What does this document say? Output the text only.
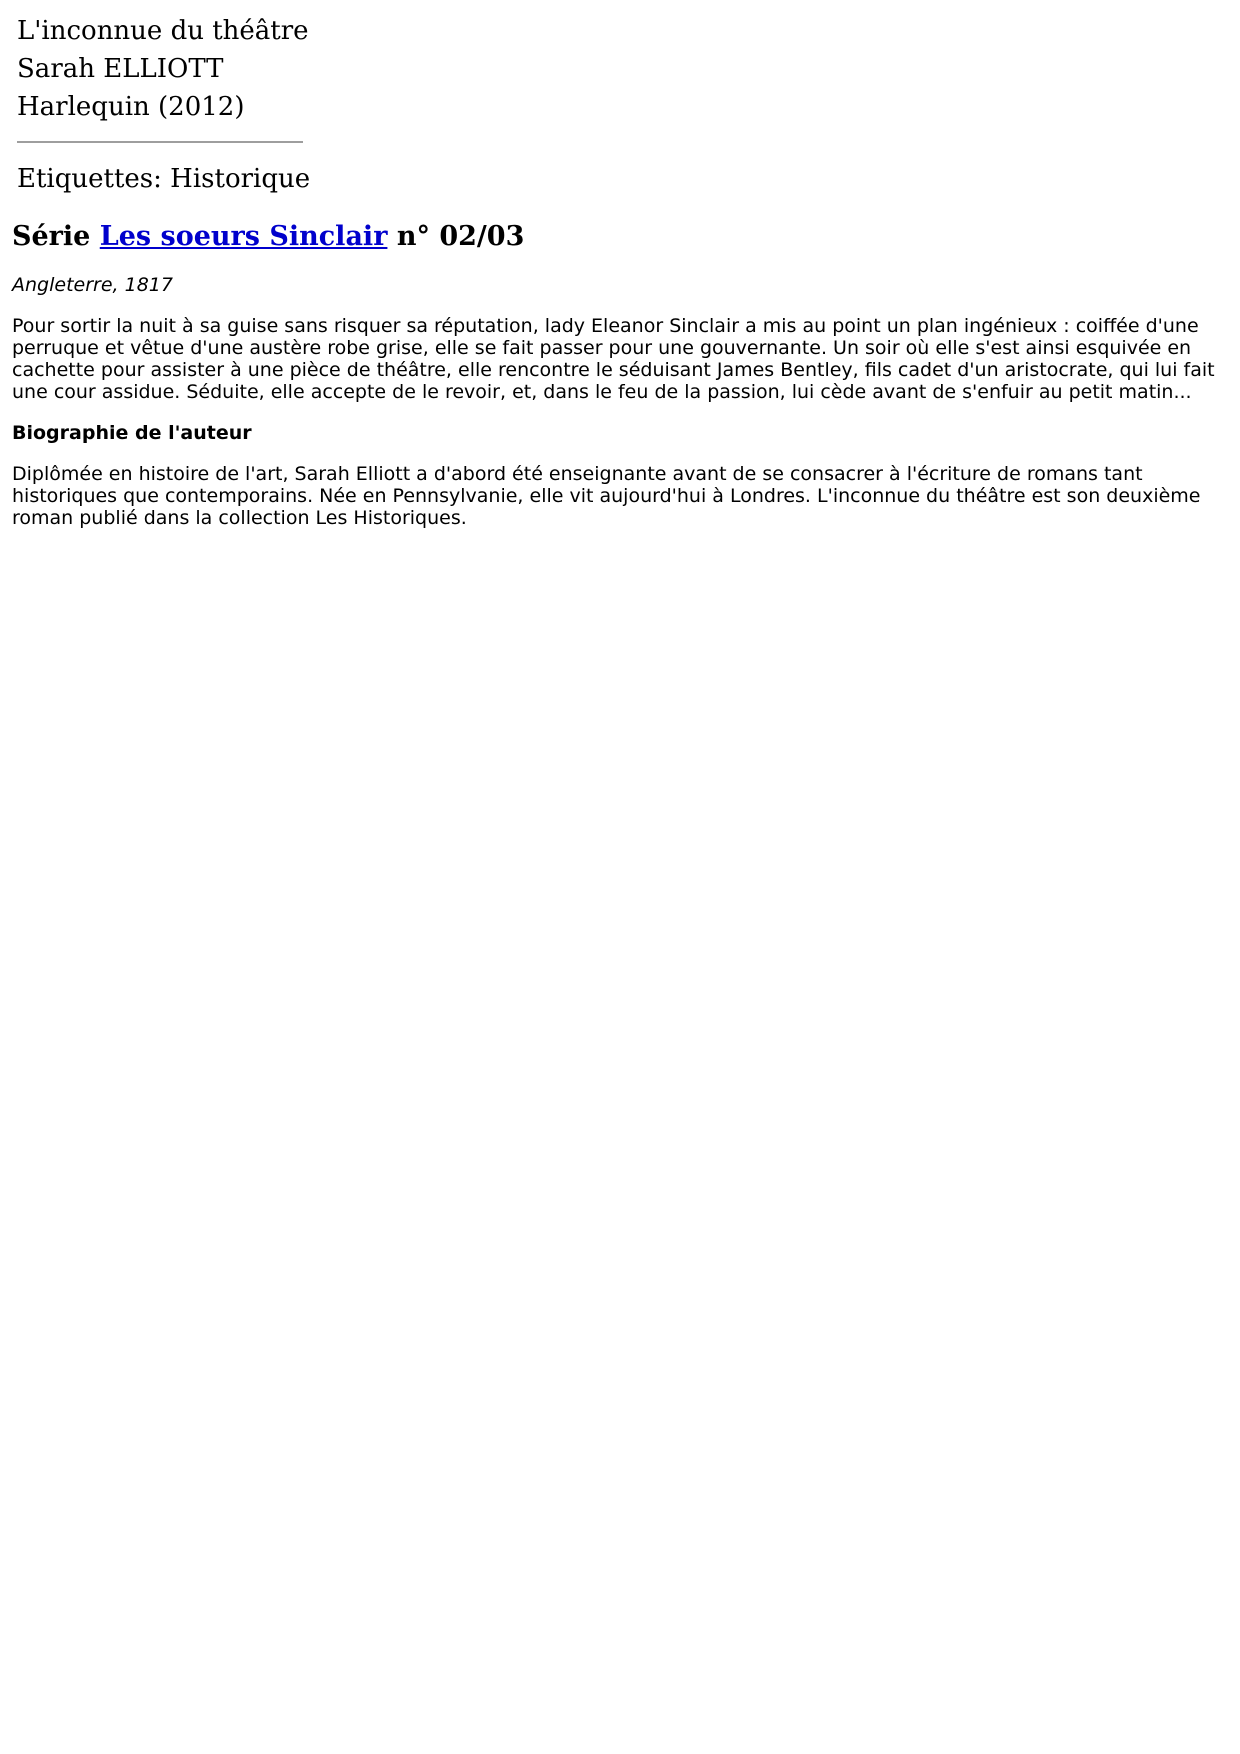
L'inconnue du théâtre
Sarah ELLIOTT
Harlequin (2012)
Etiquettes: Historique
Série Les soeurs Sinclair n° 02/03

Angleterre, 1817

Pour sortir la nuit à sa guise sans risquer sa réputation, lady Eleanor Sinclair a mis au point un plan ingénieux : coiffée d'une perruque et vêtue d'une austère robe grise, elle se fait passer pour une gouvernante. Un soir où elle s'est ainsi esquivée en cachette pour assister à une pièce de théâtre, elle rencontre le séduisant James Bentley, fils cadet d'un aristocrate, qui lui fait une cour assidue. Séduite, elle accepte de le revoir, et, dans le feu de la passion, lui cède avant de s'enfuir au petit matin...

Biographie de l'auteur

Diplômée en histoire de l'art, Sarah Elliott a d'abord été enseignante avant de se consacrer à l'écriture de romans tant historiques que contemporains. Née en Pennsylvanie, elle vit aujourd'hui à Londres. L'inconnue du théâtre est son deuxième roman publié dans la collection Les Historiques.
